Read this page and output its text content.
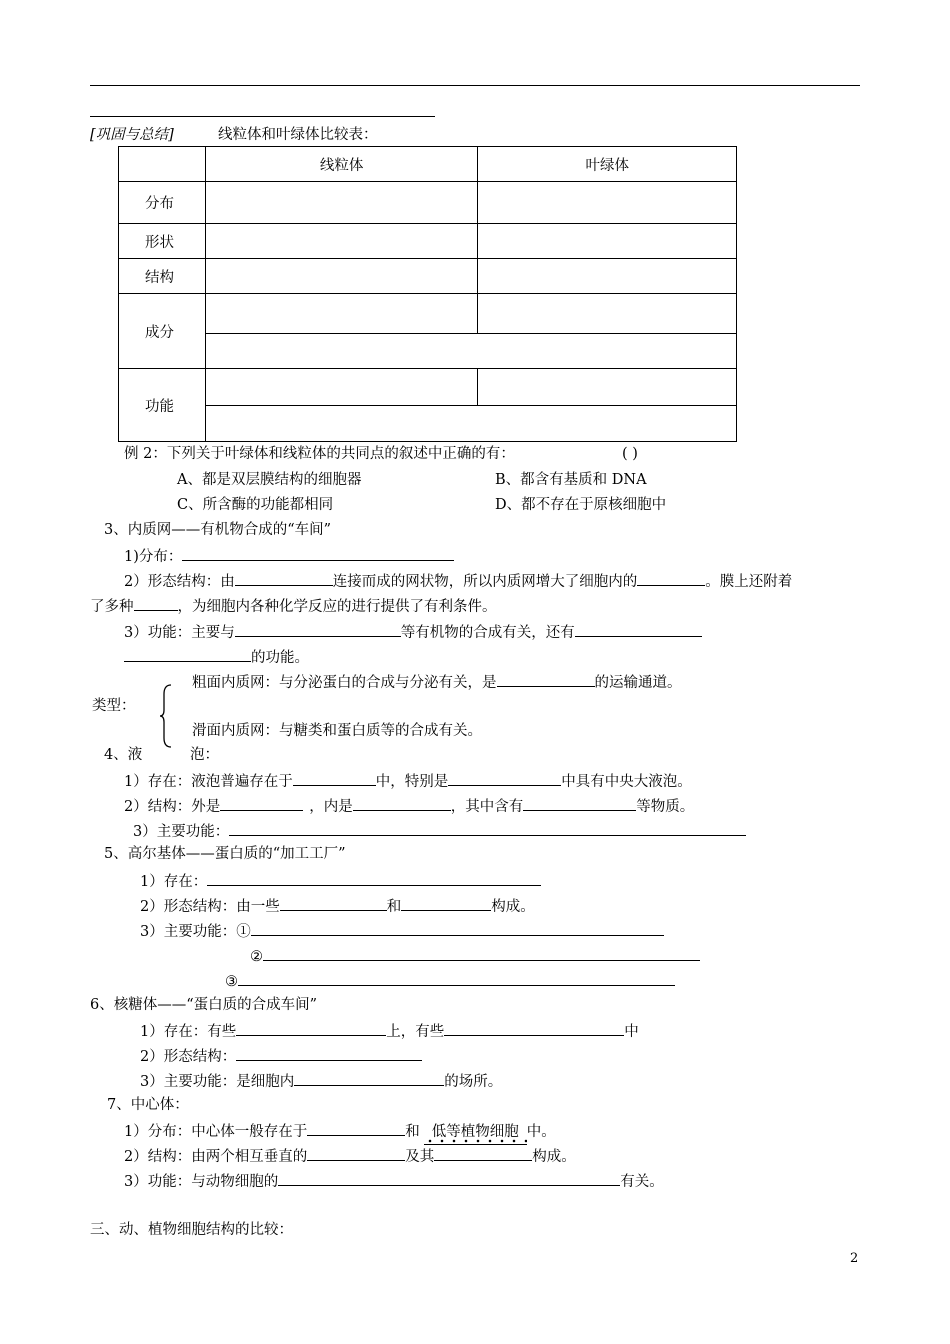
[巩固与总结]	线粒体和叶绿体比较表：
	线粒体	叶绿体
分布		
形状		
结构		
成分		

功能		

例 2：下列关于叶绿体和线粒体的共同点的叙述中正确的有：	( )
A、都是双层膜结构的细胞器	B、都含有基质和 DNA
C、所含酶的功能都相同	D、都不存在于原核细胞中
3、内质网——有机物合成的“车间”
1)分布：
2）形态结构：由	连接而成的网状物，所以内质网增大了细胞内的	。膜上还附着
了多种	，为细胞内各种化学反应的进行提供了有利条件。
3）功能：主要与	等有机物的合成有关，还有
的功能。
类型：
粗面内质网：与分泌蛋白的合成与分泌有关，是	的运输通道。
滑面内质网：与糖类和蛋白质等的合成有关。
4、液	泡：
1）存在：液泡普遍存在于	中，特别是	中具有中央大液泡。
2）结构：外是	，内是	，其中含有	等物质。
3）主要功能：
5、高尔基体——蛋白质的“加工工厂”
1）存在：
2）形态结构：由一些	和	构成。
3）主要功能：①
②
③
6、核糖体——“蛋白质的合成车间”
1）存在：有些	上，有些	中
2）形态结构：
3）主要功能：是细胞内	的场所。
7、中心体：
1）分布：中心体一般存在于	和 低等植物细胞 中。
2）结构：由两个相互垂直的	及其	构成。
3）功能：与动物细胞的	有关。
三、动、植物细胞结构的比较：
2
